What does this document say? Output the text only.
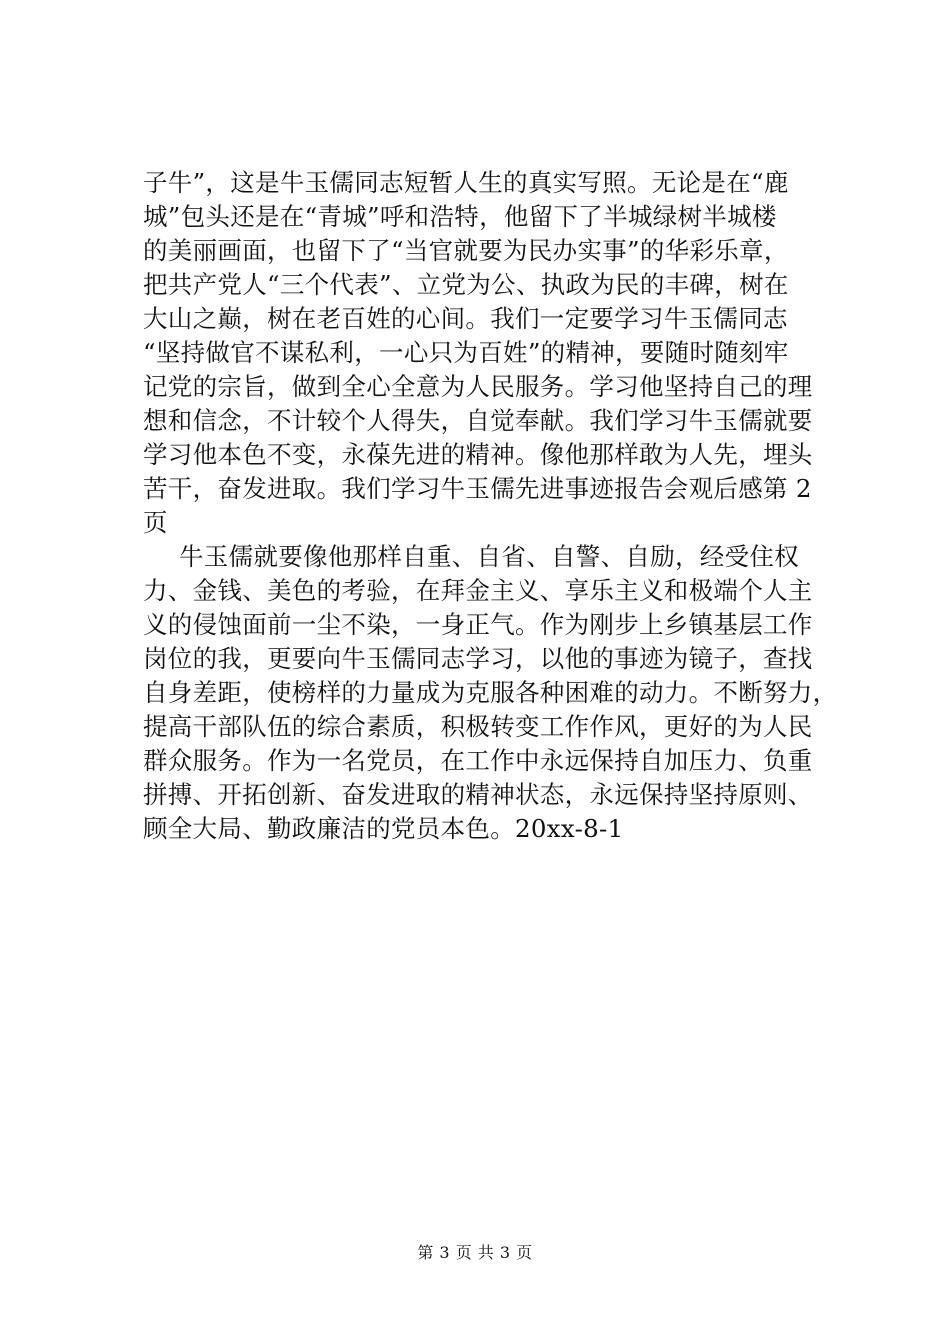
子牛”，这是牛玉儒同志短暂人生的真实写照。无论是在“鹿
城”包头还是在“青城”呼和浩特，他留下了半城绿树半城楼
的美丽画面，也留下了“当官就要为民办实事”的华彩乐章，
把共产党人“三个代表”、立党为公、执政为民的丰碑，树在
大山之巅，树在老百姓的心间。我们一定要学习牛玉儒同志
“坚持做官不谋私利，一心只为百姓”的精神，要随时随刻牢
记党的宗旨，做到全心全意为人民服务。学习他坚持自己的理
想和信念，不计较个人得失，自觉奉献。我们学习牛玉儒就要
学习他本色不变，永葆先进的精神。像他那样敢为人先，埋头
苦干，奋发进取。我们学习牛玉儒先进事迹报告会观后感第 2
页
牛玉儒就要像他那样自重、自省、自警、自励，经受住权
力、金钱、美色的考验，在拜金主义、享乐主义和极端个人主
义的侵蚀面前一尘不染，一身正气。作为刚步上乡镇基层工作
岗位的我，更要向牛玉儒同志学习，以他的事迹为镜子，查找
自身差距，使榜样的力量成为克服各种困难的动力。不断努力，
提高干部队伍的综合素质，积极转变工作作风，更好的为人民
群众服务。作为一名党员，在工作中永远保持自加压力、负重
拼搏、开拓创新、奋发进取的精神状态，永远保持坚持原则、
顾全大局、勤政廉洁的党员本色。20xx-8-1
第 3 页 共 3 页
